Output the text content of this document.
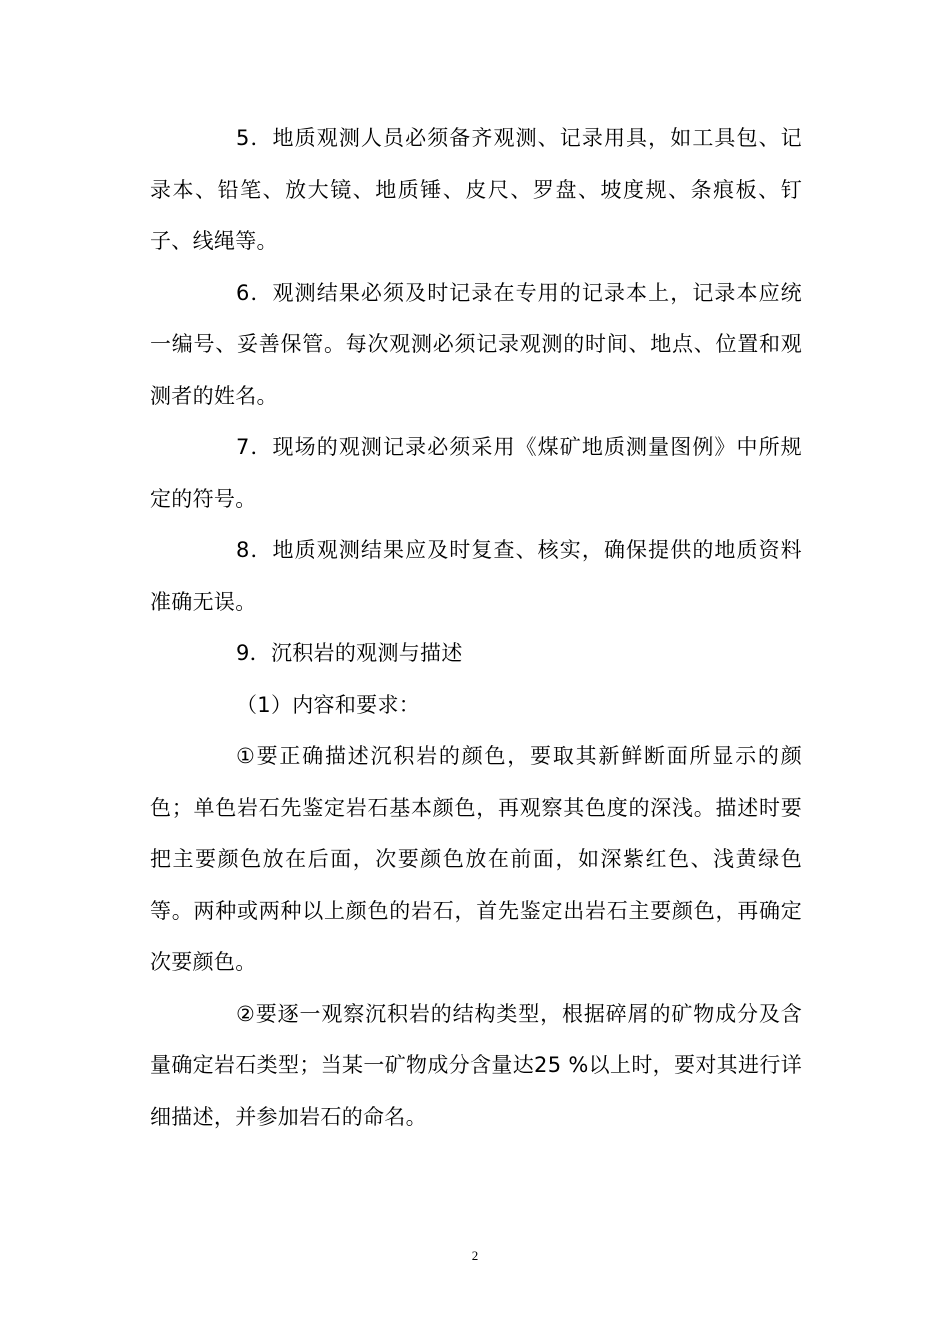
5．地质观测人员必须备齐观测、记录用具，如工具包、记录本、铅笔、放大镜、地质锤、皮尺、罗盘、坡度规、条痕板、钉子、线绳等。

6．观测结果必须及时记录在专用的记录本上，记录本应统一编号、妥善保管。每次观测必须记录观测的时间、地点、位置和观测者的姓名。

7．现场的观测记录必须采用《煤矿地质测量图例》中所规定的符号。

8．地质观测结果应及时复查、核实，确保提供的地质资料准确无误。

9．沉积岩的观测与描述

（1）内容和要求：

①要正确描述沉积岩的颜色，要取其新鲜断面所显示的颜色；单色岩石先鉴定岩石基本颜色，再观察其色度的深浅。描述时要把主要颜色放在后面，次要颜色放在前面，如深紫红色、浅黄绿色等。两种或两种以上颜色的岩石，首先鉴定出岩石主要颜色，再确定次要颜色。

②要逐一观察沉积岩的结构类型，根据碎屑的矿物成分及含量确定岩石类型；当某一矿物成分含量达25 %以上时，要对其进行详细描述，并参加岩石的命名。

2
